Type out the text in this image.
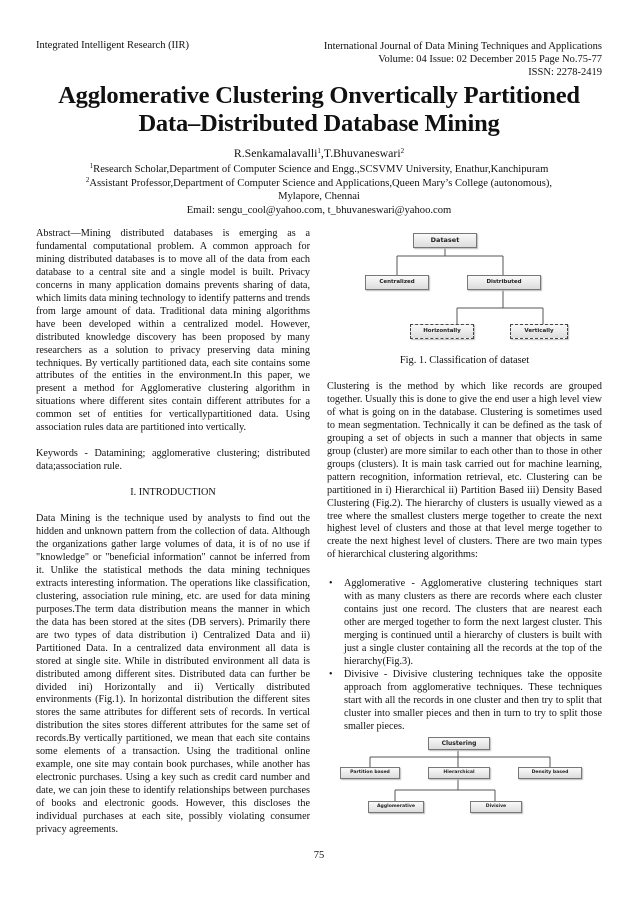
Integrated Intelligent Research (IIR)	International Journal of Data Mining Techniques and Applications
Volume: 04 Issue: 02 December 2015 Page No.75-77
ISSN: 2278-2419
Agglomerative Clustering Onvertically Partitioned
Data–Distributed Database Mining
R.Senkamalavalli$^1$,T.Bhuvaneswari$^2$

$^1$Research Scholar,Department of Computer Science and Engg.,SCSVMV University, Enathur,Kanchipuram

$^2$Assistant Professor,Department of Computer Science and Applications,Queen Mary’s College (autonomous),

Mylapore, Chennai

Email: sengu_cool@yahoo.com, t_bhuvaneswari@yahoo.com

Abstract—Mining distributed databases is emerging as a fundamental computational problem. A common approach for mining distributed databases is to move all of the data from each database to a central site and a single model is built. Privacy concerns in many application domains prevents sharing of data, which limits data mining technology to identify patterns and trends from large amount of data. Traditional data mining algorithms have been developed within a centralized model. However, distributed knowledge discovery has been proposed by many researchers as a solution to privacy preserving data mining techniques. By vertically partitioned data, each site contains some attributes of the entities in the environment.In this paper, we present a method for Agglomerative clustering algorithm in situations where different sites contain different attributes for a common set of entities for verticallypartitioned data. Using association rules data are partitioned into vertically.

Keywords - Datamining; agglomerative clustering; distributed data;association rule.

I. INTRODUCTION

Data Mining is the technique used by analysts to find out the hidden and unknown pattern from the collection of data. Although the organizations gather large volumes of data, it is of no use if "knowledge" or "beneficial information" cannot be inferred from it. Unlike the statistical methods the data mining techniques extracts interesting information. The operations like classification, clustering, association rule mining, etc. are used for data mining purposes.The term data distribution means the manner in which the data has been stored at the sites (DB servers). Primarily there are two types of data distribution i) Centralized Data and ii) Partitioned Data. In a centralized data environment all data is stored at single site. While in distributed environment all data is distributed among different sites. Distributed data can further be divided ini) Horizontally and ii) Vertically distributed environments (Fig.1). In horizontal distribution the different sites stores the same attributes for different sets of records. In vertical distribution the sites stores different attributes for the same set of records.By vertically partitioned, we mean that each site contains some elements of a transaction. Using the traditional online example, one site may contain book purchases, while another has electronic purchases. Using a key such as credit card number and date, we can join these to identify relationships between purchases of books and electronic goods. However, this discloses the individual purchases at each site, possibly violating consumer privacy agreements.

Dataset
Centralized	Distributed
Horizontally	Vertically
Fig. 1. Classification of dataset

Clustering is the method by which like records are grouped together. Usually this is done to give the end user a high level view of what is going on in the database. Clustering is sometimes used to mean segmentation. Technically it can be defined as the task of grouping a set of objects in such a manner that objects in same group (cluster) are more similar to each other than to those in other groups (clusters). It is main task carried out for machine learning, pattern recognition, information retrieval, etc. Clustering can be partitioned in i) Hierarchical ii) Partition Based iii) Density Based Clustering (Fig.2). The hierarchy of clusters is usually viewed as a tree where the smallest clusters merge together to create the next highest level of clusters and those at that level merge together to create the next highest level of clusters. There are two main types of hierarchical clustering algorithms:

• Agglomerative - Agglomerative clustering techniques start with as many clusters as there are records where each cluster contains just one record. The clusters that are nearest each other are merged together to form the next largest cluster. This merging is continued until a hierarchy of clusters is built with just a single cluster containing all the records at the top of the hierarchy(Fig.3).
• Divisive - Divisive clustering techniques take the opposite approach from agglomerative techniques. These techniques start with all the records in one cluster and then try to split that cluster into smaller pieces and then in turn to try to split those smaller pieces.
Clustering
Partition based	Hierarchical	Density based
Agglomerative	Divisive
75
